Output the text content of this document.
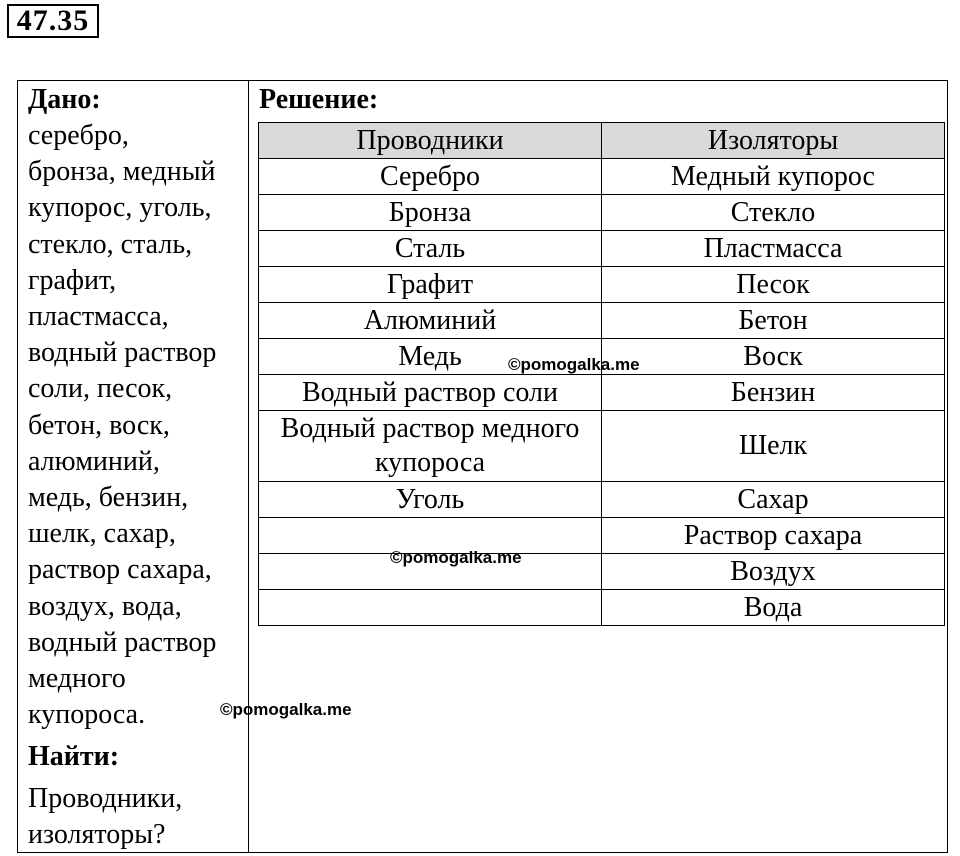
47.35
Дано:
серебро,
бронза, медный
купорос, уголь,
стекло, сталь,
графит,
пластмасса,
водный раствор
соли, песок,
бетон, воск,
алюминий,
медь, бензин,
шелк, сахар,
раствор сахара,
воздух, вода,
водный раствор
медного
купороса.
Найти:
Проводники,
изоляторы?
Решение:
Проводники	Изоляторы
Серебро	Медный купорос
Бронза	Стекло
Сталь	Пластмасса
Графит	Песок
Алюминий	Бетон
Медь	Воск
Водный раствор соли	Бензин
Водный раствор медного купороса	Шелк
Уголь	Сахар
	Раствор сахара
	Воздух
	Вода
©pomogalka.me
©pomogalka.me
©pomogalka.me
